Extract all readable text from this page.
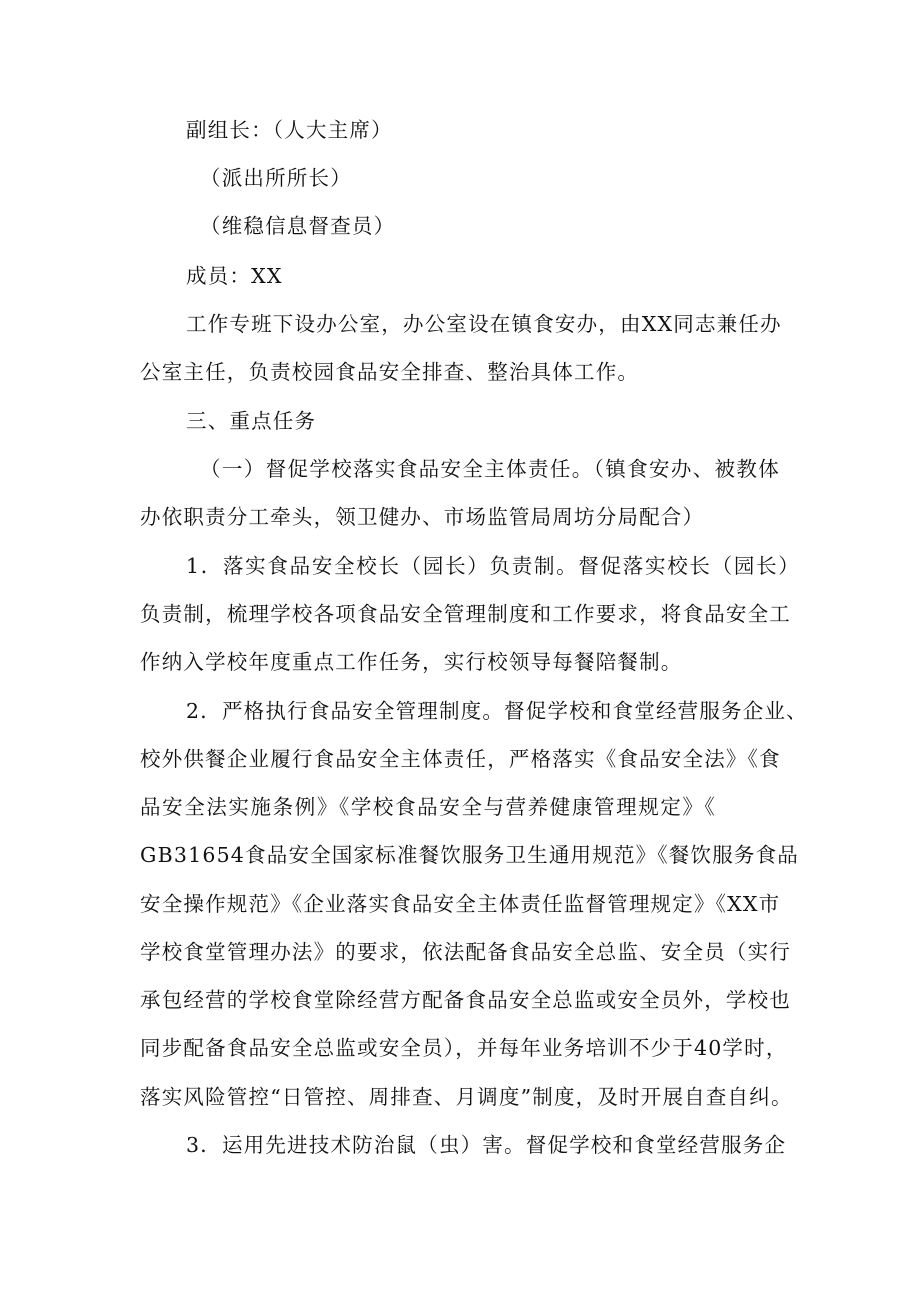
副组长：（人大主席）
（派出所所长）
（维稳信息督查员）
成员：XX
工作专班下设办公室，办公室设在镇食安办，由XX同志兼任办
公室主任，负责校园食品安全排查、整治具体工作。
三、重点任务
（一）督促学校落实食品安全主体责任。（镇食安办、被教体
办依职责分工牵头，领卫健办、市场监管局周坊分局配合）
1．落实食品安全校长（园长）负责制。督促落实校长（园长）
负责制，梳理学校各项食品安全管理制度和工作要求，将食品安全工
作纳入学校年度重点工作任务，实行校领导每餐陪餐制。
2．严格执行食品安全管理制度。督促学校和食堂经营服务企业、
校外供餐企业履行食品安全主体责任，严格落实《食品安全法》《食
品安全法实施条例》《学校食品安全与营养健康管理规定》《
GB31654食品安全国家标准餐饮服务卫生通用规范》《餐饮服务食品
安全操作规范》《企业落实食品安全主体责任监督管理规定》《XX市
学校食堂管理办法》的要求，依法配备食品安全总监、安全员（实行
承包经营的学校食堂除经营方配备食品安全总监或安全员外，学校也
同步配备食品安全总监或安全员），并每年业务培训不少于40学时，
落实风险管控“日管控、周排查、月调度”制度，及时开展自查自纠。
3．运用先进技术防治鼠（虫）害。督促学校和食堂经营服务企
